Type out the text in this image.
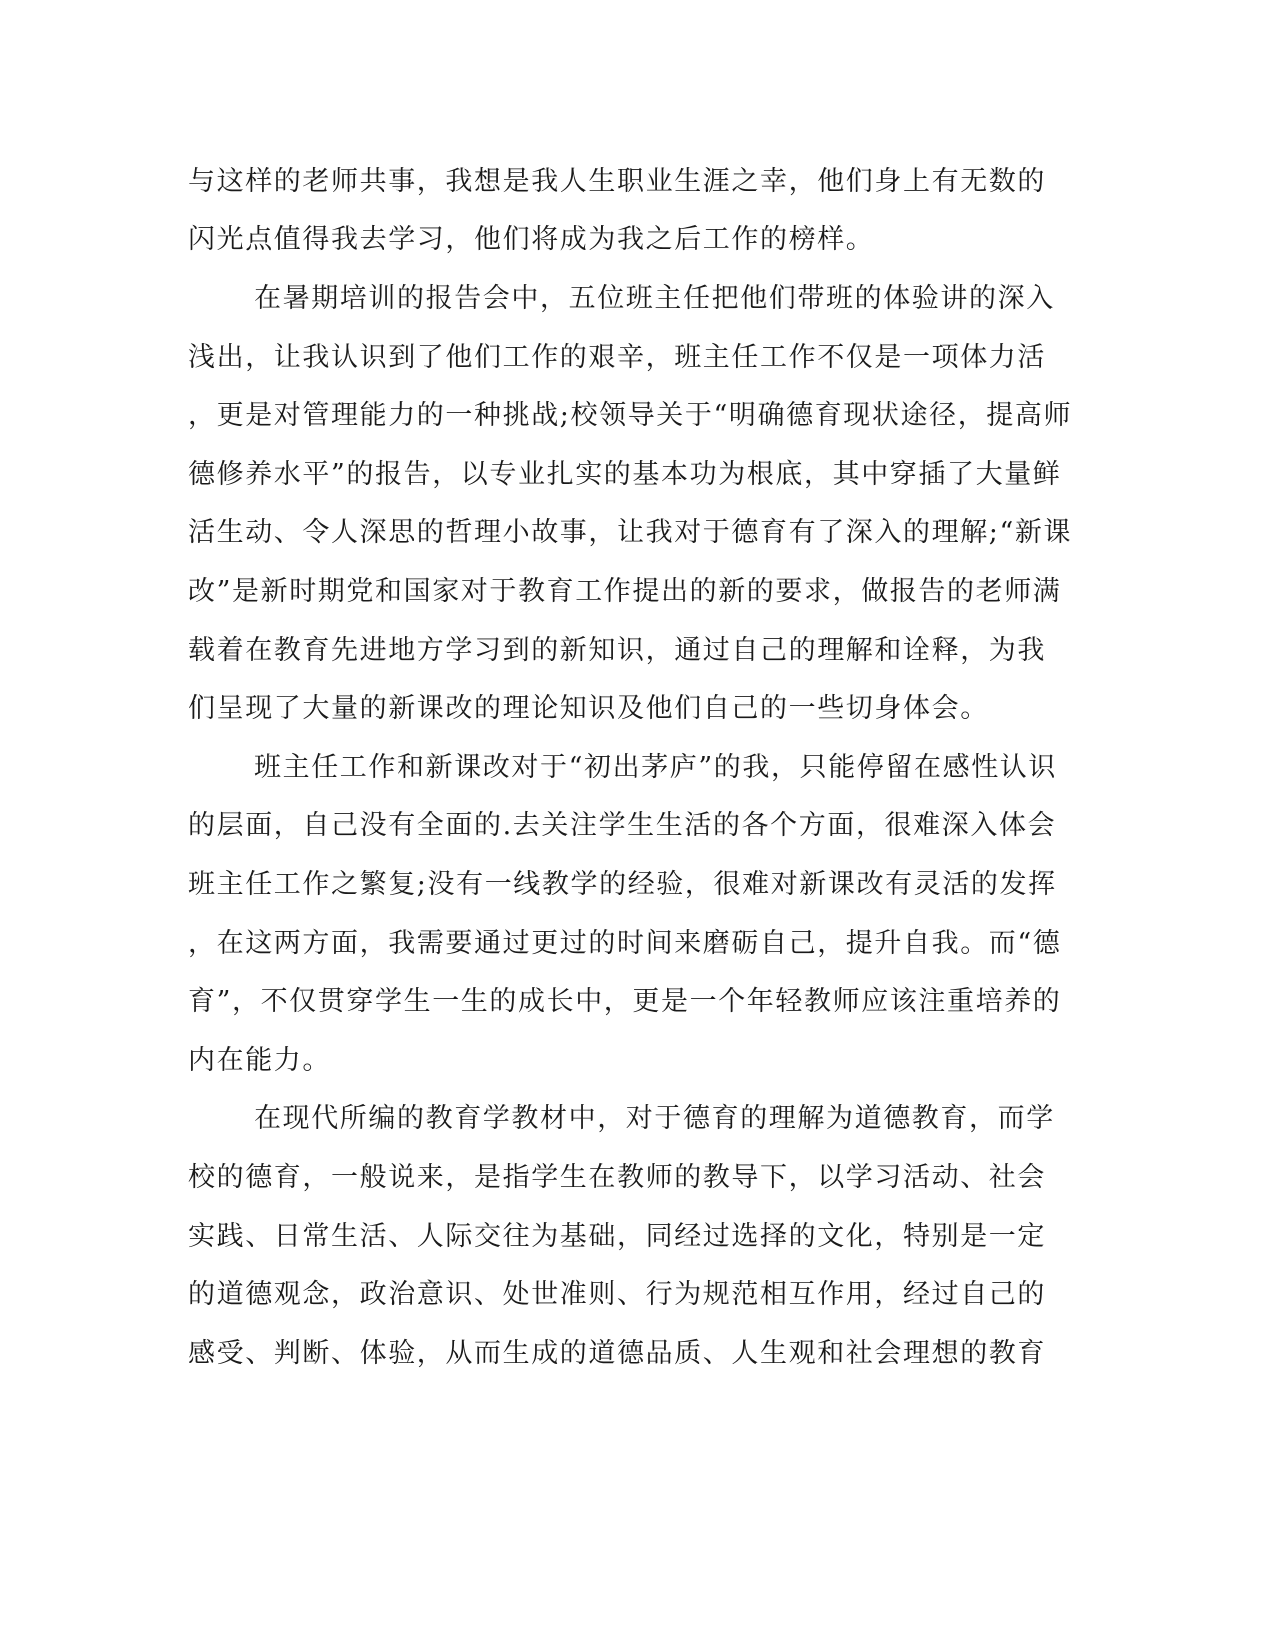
与这样的老师共事，我想是我人生职业生涯之幸，他们身上有无数的
闪光点值得我去学习，他们将成为我之后工作的榜样。
在暑期培训的报告会中，五位班主任把他们带班的体验讲的深入
浅出，让我认识到了他们工作的艰辛，班主任工作不仅是一项体力活
，更是对管理能力的一种挑战;校领导关于“明确德育现状途径，提高师
德修养水平”的报告，以专业扎实的基本功为根底，其中穿插了大量鲜
活生动、令人深思的哲理小故事，让我对于德育有了深入的理解;“新课
改”是新时期党和国家对于教育工作提出的新的要求，做报告的老师满
载着在教育先进地方学习到的新知识，通过自己的理解和诠释，为我
们呈现了大量的新课改的理论知识及他们自己的一些切身体会。
班主任工作和新课改对于“初出茅庐”的我，只能停留在感性认识
的层面，自己没有全面的.去关注学生生活的各个方面，很难深入体会
班主任工作之繁复;没有一线教学的经验，很难对新课改有灵活的发挥
，在这两方面，我需要通过更过的时间来磨砺自己，提升自我。而“德
育”，不仅贯穿学生一生的成长中，更是一个年轻教师应该注重培养的
内在能力。
在现代所编的教育学教材中，对于德育的理解为道德教育，而学
校的德育，一般说来，是指学生在教师的教导下，以学习活动、社会
实践、日常生活、人际交往为基础，同经过选择的文化，特别是一定
的道德观念，政治意识、处世准则、行为规范相互作用，经过自己的
感受、判断、体验，从而生成的道德品质、人生观和社会理想的教育
